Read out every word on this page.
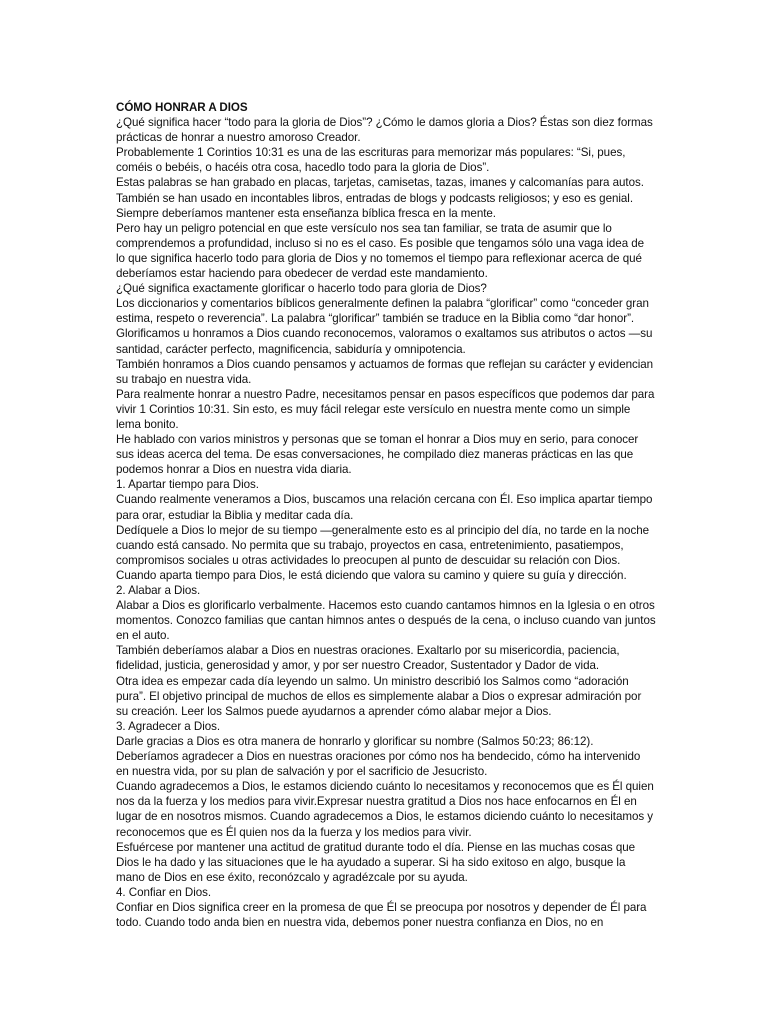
CÓMO HONRAR A DIOS

¿Qué significa hacer “todo para la gloria de Dios”? ¿Cómo le damos gloria a Dios? Éstas son diez formas prácticas de honrar a nuestro amoroso Creador.

Probablemente 1 Corintios 10:31 es una de las escrituras para memorizar más populares: “Si, pues, coméis o bebéis, o hacéis otra cosa, hacedlo todo para la gloria de Dios”.

Estas palabras se han grabado en placas, tarjetas, camisetas, tazas, imanes y calcomanías para autos.

También se han usado en incontables libros, entradas de blogs y podcasts religiosos; y eso es genial.

Siempre deberíamos mantener esta enseñanza bíblica fresca en la mente.

Pero hay un peligro potencial en que este versículo nos sea tan familiar, se trata de asumir que lo comprendemos a profundidad, incluso si no es el caso. Es posible que tengamos sólo una vaga idea de lo que significa hacerlo todo para gloria de Dios y no tomemos el tiempo para reflexionar acerca de qué deberíamos estar haciendo para obedecer de verdad este mandamiento.

¿Qué significa exactamente glorificar o hacerlo todo para gloria de Dios?

Los diccionarios y comentarios bíblicos generalmente definen la palabra “glorificar” como “conceder gran estima, respeto o reverencia”. La palabra “glorificar” también se traduce en la Biblia como “dar honor”. Glorificamos u honramos a Dios cuando reconocemos, valoramos o exaltamos sus atributos o actos —su santidad, carácter perfecto, magnificencia, sabiduría y omnipotencia.

También honramos a Dios cuando pensamos y actuamos de formas que reflejan su carácter y evidencian su trabajo en nuestra vida.

Para realmente honrar a nuestro Padre, necesitamos pensar en pasos específicos que podemos dar para vivir 1 Corintios 10:31. Sin esto, es muy fácil relegar este versículo en nuestra mente como un simple lema bonito.

He hablado con varios ministros y personas que se toman el honrar a Dios muy en serio, para conocer sus ideas acerca del tema. De esas conversaciones, he compilado diez maneras prácticas en las que podemos honrar a Dios en nuestra vida diaria.

1. Apartar tiempo para Dios.

Cuando realmente veneramos a Dios, buscamos una relación cercana con Él. Eso implica apartar tiempo para orar, estudiar la Biblia y meditar cada día.

Dedíquele a Dios lo mejor de su tiempo —generalmente esto es al principio del día, no tarde en la noche cuando está cansado. No permita que su trabajo, proyectos en casa, entretenimiento, pasatiempos, compromisos sociales u otras actividades lo preocupen al punto de descuidar su relación con Dios.

Cuando aparta tiempo para Dios, le está diciendo que valora su camino y quiere su guía y dirección.

2. Alabar a Dios.

Alabar a Dios es glorificarlo verbalmente. Hacemos esto cuando cantamos himnos en la Iglesia o en otros momentos. Conozco familias que cantan himnos antes o después de la cena, o incluso cuando van juntos en el auto.

También deberíamos alabar a Dios en nuestras oraciones. Exaltarlo por su misericordia, paciencia, fidelidad, justicia, generosidad y amor, y por ser nuestro Creador, Sustentador y Dador de vida.

Otra idea es empezar cada día leyendo un salmo. Un ministro describió los Salmos como “adoración pura”. El objetivo principal de muchos de ellos es simplemente alabar a Dios o expresar admiración por su creación. Leer los Salmos puede ayudarnos a aprender cómo alabar mejor a Dios.

3. Agradecer a Dios.

Darle gracias a Dios es otra manera de honrarlo y glorificar su nombre (Salmos 50:23; 86:12). Deberíamos agradecer a Dios en nuestras oraciones por cómo nos ha bendecido, cómo ha intervenido en nuestra vida, por su plan de salvación y por el sacrificio de Jesucristo.

Cuando agradecemos a Dios, le estamos diciendo cuánto lo necesitamos y reconocemos que es Él quien nos da la fuerza y los medios para vivir.Expresar nuestra gratitud a Dios nos hace enfocarnos en Él en lugar de en nosotros mismos. Cuando agradecemos a Dios, le estamos diciendo cuánto lo necesitamos y reconocemos que es Él quien nos da la fuerza y los medios para vivir.

Esfuércese por mantener una actitud de gratitud durante todo el día. Piense en las muchas cosas que Dios le ha dado y las situaciones que le ha ayudado a superar. Si ha sido exitoso en algo, busque la mano de Dios en ese éxito, reconózcalo y agradézcale por su ayuda.

4. Confiar en Dios.

Confiar en Dios significa creer en la promesa de que Él se preocupa por nosotros y depender de Él para todo. Cuando todo anda bien en nuestra vida, debemos poner nuestra confianza en Dios, no en
